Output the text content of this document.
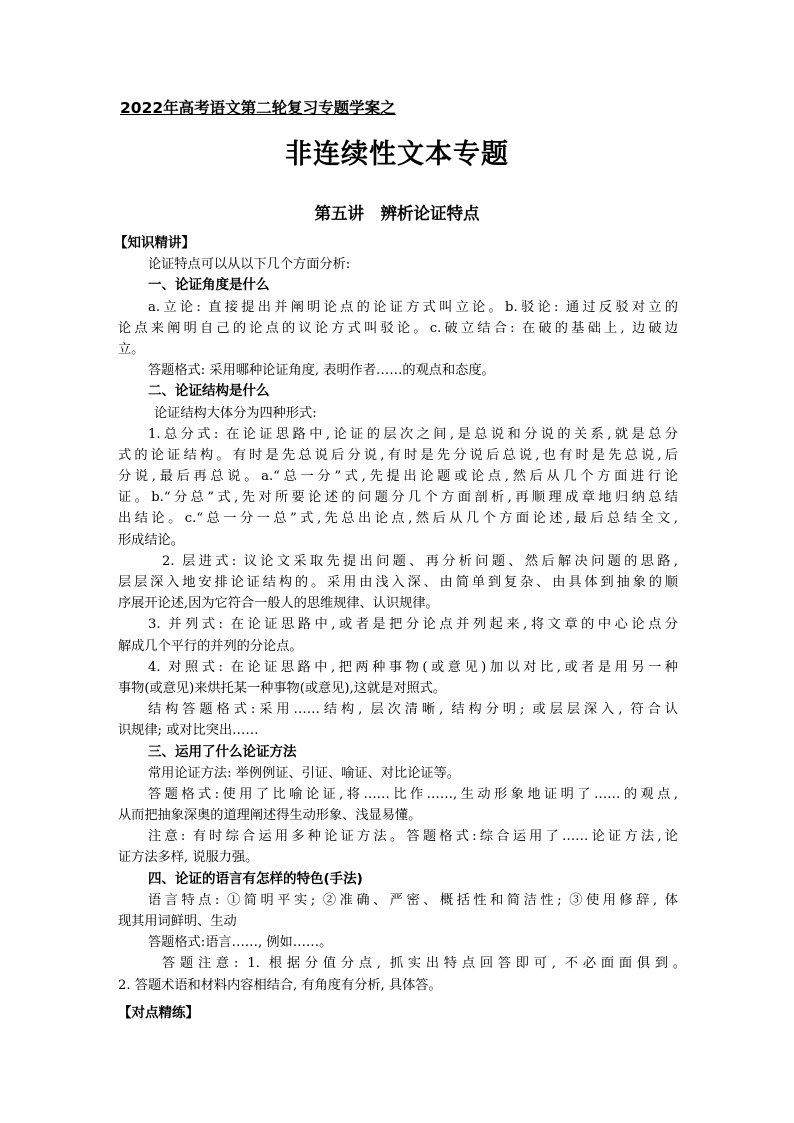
2022年高考语文第二轮复习专题学案之
非连续性文本专题
第五讲　辨析论证特点
【知识精讲】
论证特点可以从以下几个方面分析:
一、论证角度是什么
a.立论: 直接提出并阐明论点的论证方式叫立论。b.驳论: 通过反驳对立的
论点来阐明自己的论点的议论方式叫驳论。c.破立结合: 在破的基础上, 边破边
立。
答题格式: 采用哪种论证角度, 表明作者……的观点和态度。
二、论证结构是什么
论证结构大体分为四种形式:
1.总分式: 在论证思路中,论证的层次之间,是总说和分说的关系,就是总分
式的论证结构。有时是先总说后分说,有时是先分说后总说,也有时是先总说,后
分说,最后再总说。a.“总一分”式,先提出论题或论点,然后从几个方面进行论
证。b.“分总”式,先对所要论述的问题分几个方面剖析,再顺理成章地归纳总结
出结论。c.“总一分一总”式,先总出论点,然后从几个方面论述,最后总结全文,
形成结论。
2. 层进式: 议论文采取先提出问题、再分析问题、然后解决问题的思路,
层层深入地安排论证结构的。采用由浅入深、由简单到复杂、由具体到抽象的顺
序展开论述,因为它符合一般人的思维规律、认识规律。
3. 并列式: 在论证思路中,或者是把分论点并列起来,将文章的中心论点分
解成几个平行的并列的分论点。
4. 对照式: 在论证思路中,把两种事物(或意见)加以对比,或者是用另一种
事物(或意见)来烘托某一种事物(或意见),这就是对照式。
结构答题格式:采用……结构, 层次清晰, 结构分明; 或层层深入, 符合认
识规律; 或对比突出……
三、运用了什么论证方法
常用论证方法: 举例例证、引证、喻证、对比论证等。
答题格式:使用了比喻论证,将……比作……,生动形象地证明了……的观点,
从而把抽象深奥的道理阐述得生动形象、浅显易懂。
注意: 有时综合运用多种论证方法。答题格式:综合运用了……论证方法,论
证方法多样, 说服力强。
四、论证的语言有怎样的特色(手法)
语言特点: ①简明平实; ②准确、严密、概括性和简洁性; ③使用修辞, 体
现其用词鲜明、生动
答题格式:语言……, 例如……。
答题注意: 1. 根据分值分点, 抓实出特点回答即可, 不必面面俱到。
2. 答题术语和材料内容相结合, 有角度有分析, 具体答。
【对点精练】
